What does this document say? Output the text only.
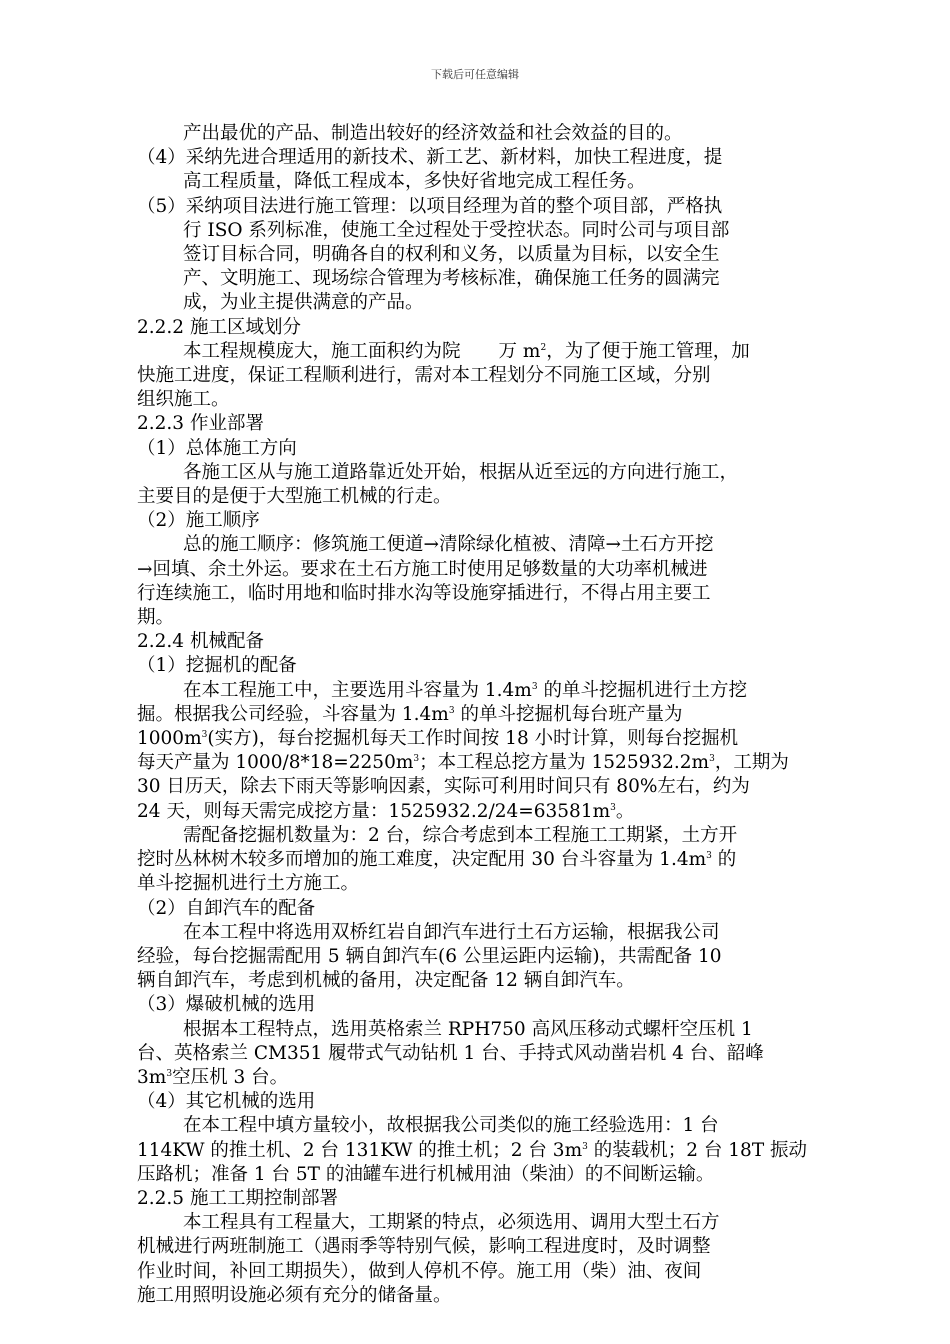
下载后可任意编辑
产出最优的产品、制造出较好的经济效益和社会效益的目的。
（4）采纳先进合理适用的新技术、新工艺、新材料，加快工程进度，提
高工程质量，降低工程成本，多快好省地完成工程任务。
（5）采纳项目法进行施工管理：以项目经理为首的整个项目部，严格执
行 ISO 系列标准，使施工全过程处于受控状态。同时公司与项目部
签订目标合同，明确各自的权利和义务，以质量为目标，以安全生
产、文明施工、现场综合管理为考核标准，确保施工任务的圆满完
成，为业主提供满意的产品。
2.2.2 施工区域划分
本工程规模庞大，施工面积约为院 万 $m^2$，为了便于施工管理，加
快施工进度，保证工程顺利进行，需对本工程划分不同施工区域，分别
组织施工。
2.2.3 作业部署
（1）总体施工方向
各施工区从与施工道路靠近处开始，根据从近至远的方向进行施工，
主要目的是便于大型施工机械的行走。
（2）施工顺序
总的施工顺序：修筑施工便道→清除绿化植被、清障→土石方开挖
→回填、余土外运。要求在土石方施工时使用足够数量的大功率机械进
行连续施工，临时用地和临时排水沟等设施穿插进行，不得占用主要工
期。
2.2.4 机械配备
（1）挖掘机的配备
在本工程施工中，主要选用斗容量为 $1.4m^3$ 的单斗挖掘机进行土方挖
掘。根据我公司经验，斗容量为 $1.4m^3$ 的单斗挖掘机每台班产量为
$1000m^3$(实方)，每台挖掘机每天工作时间按 18 小时计算，则每台挖掘机
每天产量为 $1000/8*18=2250m^3$；本工程总挖方量为 $1525932.2m^3$，工期为
30 日历天，除去下雨天等影响因素，实际可利用时间只有 80%左右，约为
24 天，则每天需完成挖方量：$1525932.2/24=63581m^3$。
需配备挖掘机数量为：2 台，综合考虑到本工程施工工期紧，土方开
挖时丛林树木较多而增加的施工难度，决定配用 30 台斗容量为 $1.4m^3$ 的
单斗挖掘机进行土方施工。
（2）自卸汽车的配备
在本工程中将选用双桥红岩自卸汽车进行土石方运输，根据我公司
经验，每台挖掘需配用 5 辆自卸汽车(6 公里运距内运输)，共需配备 10
辆自卸汽车，考虑到机械的备用，决定配备 12 辆自卸汽车。
（3）爆破机械的选用
根据本工程特点，选用英格索兰 RPH750 高风压移动式螺杆空压机 1
台、英格索兰 CM351 履带式气动钻机 1 台、手持式风动凿岩机 4 台、韶峰
$3m^3$空压机 3 台。
（4）其它机械的选用
在本工程中填方量较小，故根据我公司类似的施工经验选用：1 台
114KW 的推土机、2 台 131KW 的推土机；2 台 $3m^3$ 的装载机；2 台 18T 振动
压路机；准备 1 台 5T 的油罐车进行机械用油（柴油）的不间断运输。
2.2.5 施工工期控制部署
本工程具有工程量大，工期紧的特点，必须选用、调用大型土石方
机械进行两班制施工（遇雨季等特别气候，影响工程进度时，及时调整
作业时间，补回工期损失），做到人停机不停。施工用（柴）油、夜间
施工用照明设施必须有充分的储备量。
